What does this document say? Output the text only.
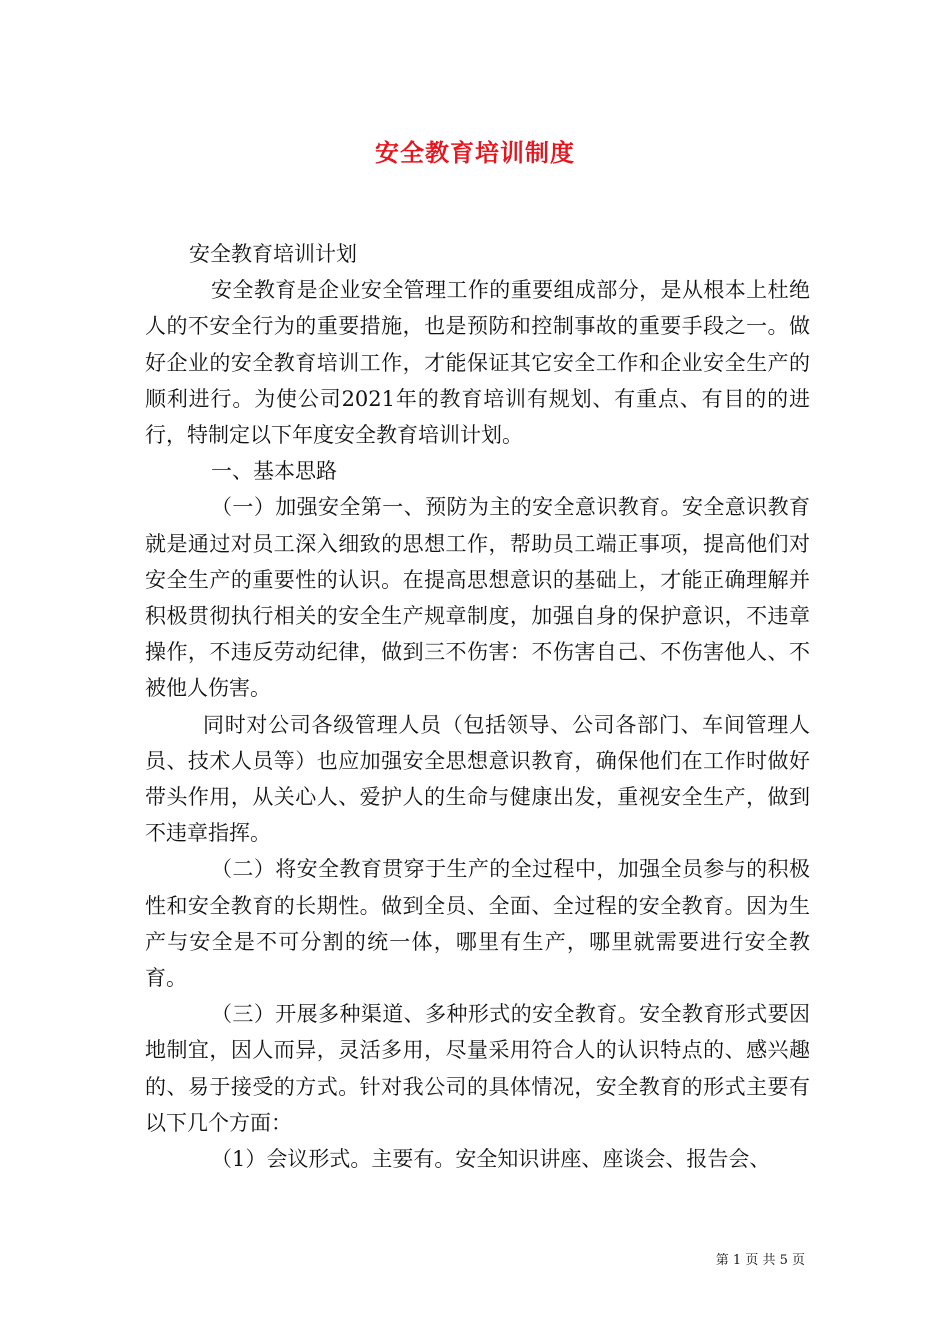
安全教育培训制度

安全教育培训计划

安全教育是企业安全管理工作的重要组成部分，是从根本上杜绝人的不安全行为的重要措施，也是预防和控制事故的重要手段之一。做好企业的安全教育培训工作，才能保证其它安全工作和企业安全生产的顺利进行。为使公司2021年的教育培训有规划、有重点、有目的的进行，特制定以下年度安全教育培训计划。

一、基本思路

（一）加强安全第一、预防为主的安全意识教育。安全意识教育就是通过对员工深入细致的思想工作，帮助员工端正事项，提高他们对安全生产的重要性的认识。在提高思想意识的基础上，才能正确理解并积极贯彻执行相关的安全生产规章制度，加强自身的保护意识，不违章操作，不违反劳动纪律，做到三不伤害：不伤害自己、不伤害他人、不被他人伤害。

同时对公司各级管理人员（包括领导、公司各部门、车间管理人员、技术人员等）也应加强安全思想意识教育，确保他们在工作时做好带头作用，从关心人、爱护人的生命与健康出发，重视安全生产，做到不违章指挥。

（二）将安全教育贯穿于生产的全过程中，加强全员参与的积极性和安全教育的长期性。做到全员、全面、全过程的安全教育。因为生产与安全是不可分割的统一体，哪里有生产，哪里就需要进行安全教育。

（三）开展多种渠道、多种形式的安全教育。安全教育形式要因地制宜，因人而异，灵活多用，尽量采用符合人的认识特点的、感兴趣的、易于接受的方式。针对我公司的具体情况，安全教育的形式主要有以下几个方面：

（1）会议形式。主要有。安全知识讲座、座谈会、报告会、

第 1 页 共 5 页
